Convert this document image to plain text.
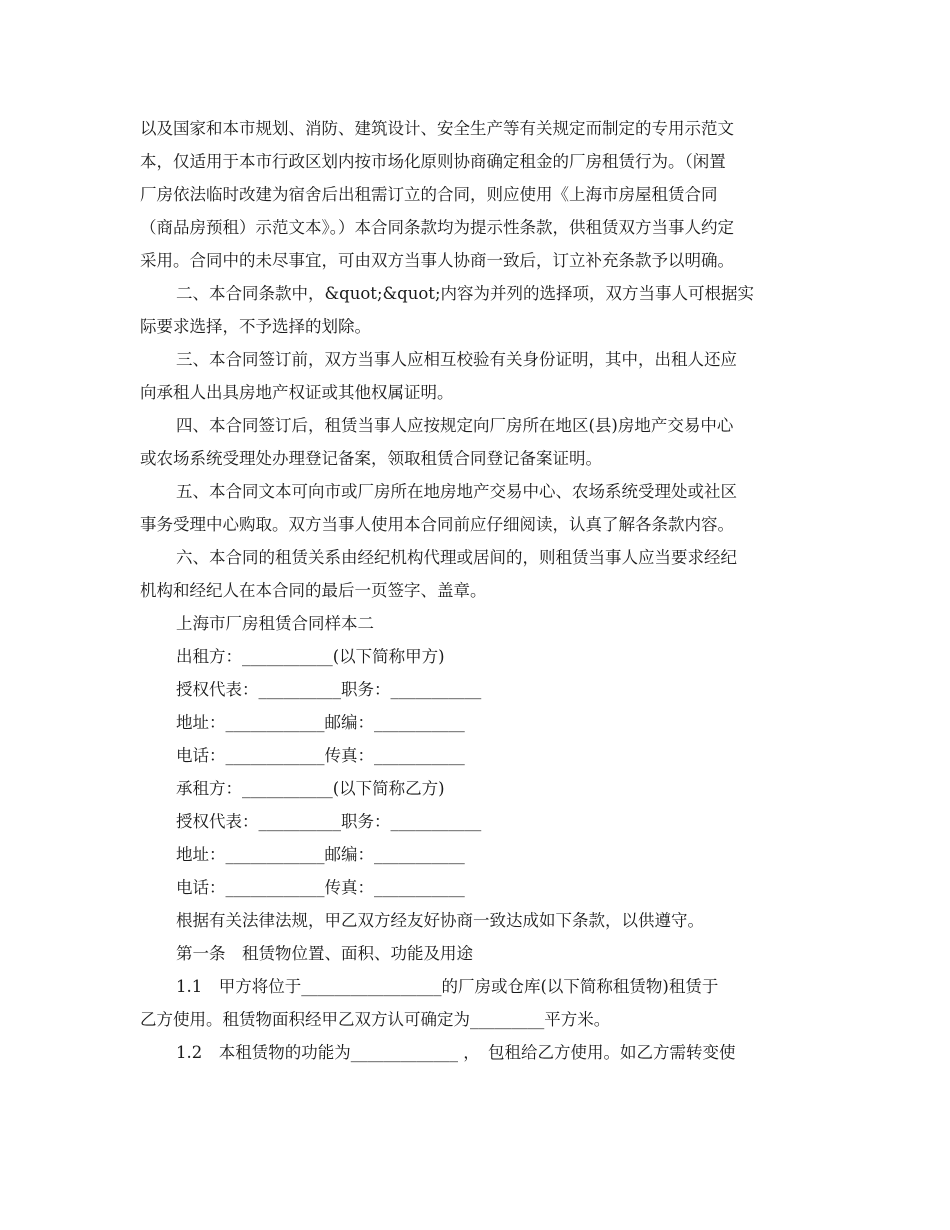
以及国家和本市规划、消防、建筑设计、安全生产等有关规定而制定的专用示范文
本，仅适用于本市行政区划内按市场化原则协商确定租金的厂房租赁行为。（闲置
厂房依法临时改建为宿舍后出租需订立的合同，则应使用《上海市房屋租赁合同
（商品房预租）示范文本》。）本合同条款均为提示性条款，供租赁双方当事人约定
采用。合同中的未尽事宜，可由双方当事人协商一致后，订立补充条款予以明确。
二、本合同条款中，&quot;&quot;内容为并列的选择项，双方当事人可根据实
际要求选择，不予选择的划除。
三、本合同签订前，双方当事人应相互校验有关身份证明，其中，出租人还应
向承租人出具房地产权证或其他权属证明。
四、本合同签订后，租赁当事人应按规定向厂房所在地区(县)房地产交易中心
或农场系统受理处办理登记备案，领取租赁合同登记备案证明。
五、本合同文本可向市或厂房所在地房地产交易中心、农场系统受理处或社区
事务受理中心购取。双方当事人使用本合同前应仔细阅读，认真了解各条款内容。
六、本合同的租赁关系由经纪机构代理或居间的，则租赁当事人应当要求经纪
机构和经纪人在本合同的最后一页签字、盖章。
上海市厂房租赁合同样本二
出租方：___________(以下简称甲方)
授权代表：__________职务：___________
地址：____________邮编：___________
电话：____________传真：___________
承租方：___________(以下简称乙方)
授权代表：__________职务：___________
地址：____________邮编：___________
电话：____________传真：___________
根据有关法律法规，甲乙双方经友好协商一致达成如下条款，以供遵守。
第一条　租赁物位置、面积、功能及用途
1.1　甲方将位于_________________的厂房或仓库(以下简称租赁物)租赁于
乙方使用。租赁物面积经甲乙双方认可确定为_________平方米。
1.2　本租赁物的功能为_____________ ，　包租给乙方使用。如乙方需转变使
